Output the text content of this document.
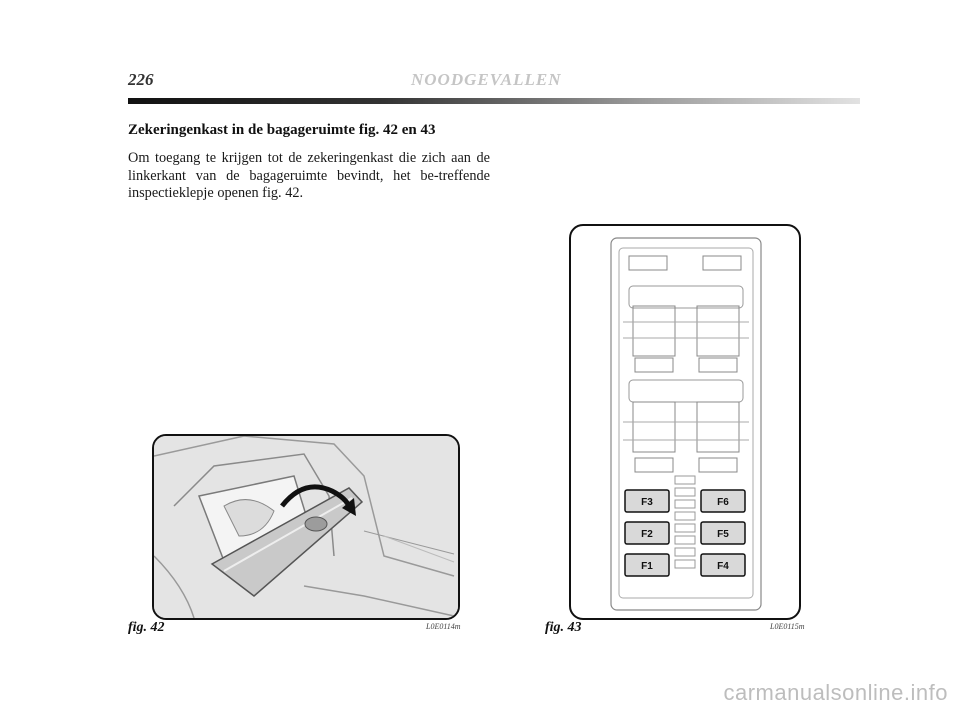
226	NOODGEVALLEN
Zekeringenkast in de bagageruimte fig. 42 en 43
Om toegang te krijgen tot de zekeringenkast die zich aan de linkerkant van de bagageruimte bevindt, het be-treffende inspectieklepje openen fig. 42.
fig. 42	L0E0114m
F3	F6
F2	F5
F1	F4
fig. 43	L0E0115m
carmanualsonline.info
